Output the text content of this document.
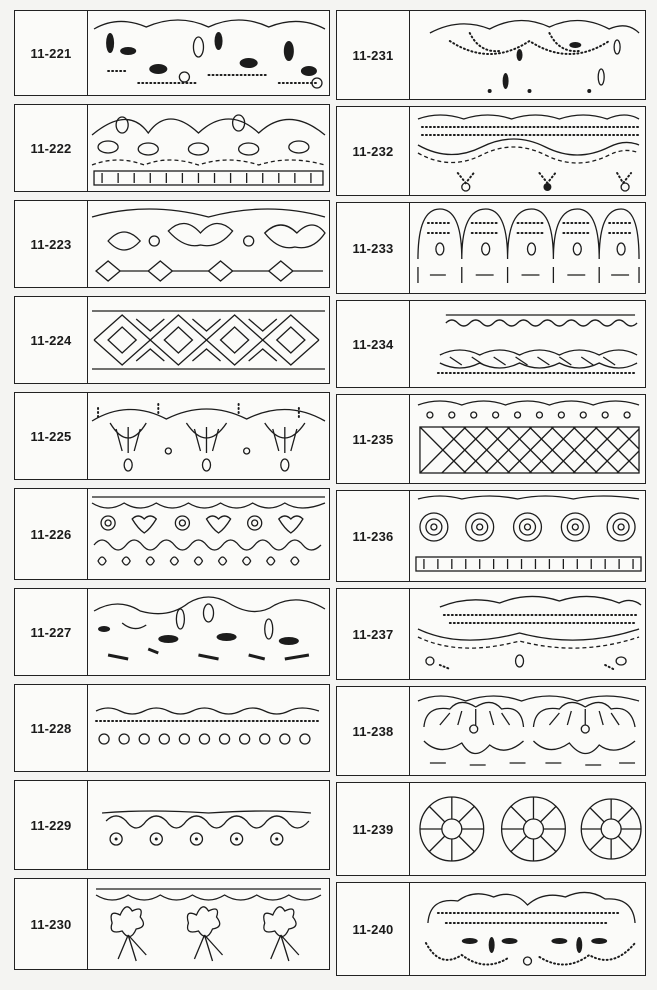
11-221
11-222
11-223
11-224
11-225
11-226
11-227
11-228
11-229
11-230
11-231
11-232
11-233
11-234
11-235
11-236
11-237
11-238
11-239
11-240
